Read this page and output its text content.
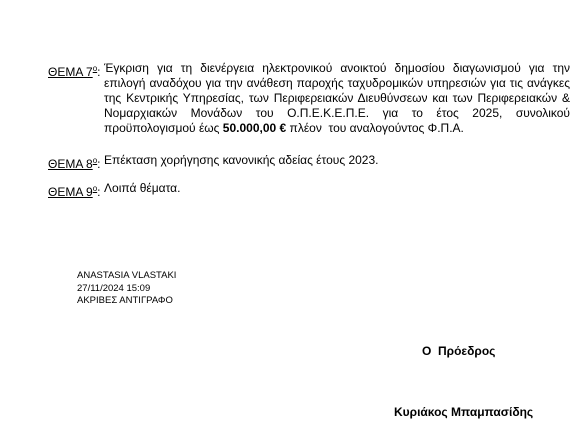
ΘΕΜΑ $7^o$: Έγκριση για τη διενέργεια ηλεκτρονικού ανοικτού δημοσίου διαγωνισμού για την επιλογή αναδόχου για την ανάθεση παροχής ταχυδρομικών υπηρεσιών για τις ανάγκες της Κεντρικής Υπηρεσίας, των Περιφερειακών Διευθύνσεων και των Περιφερειακών & Νομαρχιακών Μονάδων του Ο.Π.Ε.Κ.Ε.Π.Ε. για το έτος 2025, συνολικού προϋπολογισμού έως 50.000,00 € πλέον  του αναλογούντος Φ.Π.Α.
ΘΕΜΑ $8^o$: Επέκταση χορήγησης κανονικής αδείας έτους 2023.
ΘΕΜΑ $9^o$: Λοιπά θέματα.
ANASTASIA VLASTAKI
27/11/2024 15:09
ΑΚΡΙΒΕΣ ΑΝΤΙΓΡΑΦΟ
Ο  Πρόεδρος
Κυριάκος Μπαμπασίδης
